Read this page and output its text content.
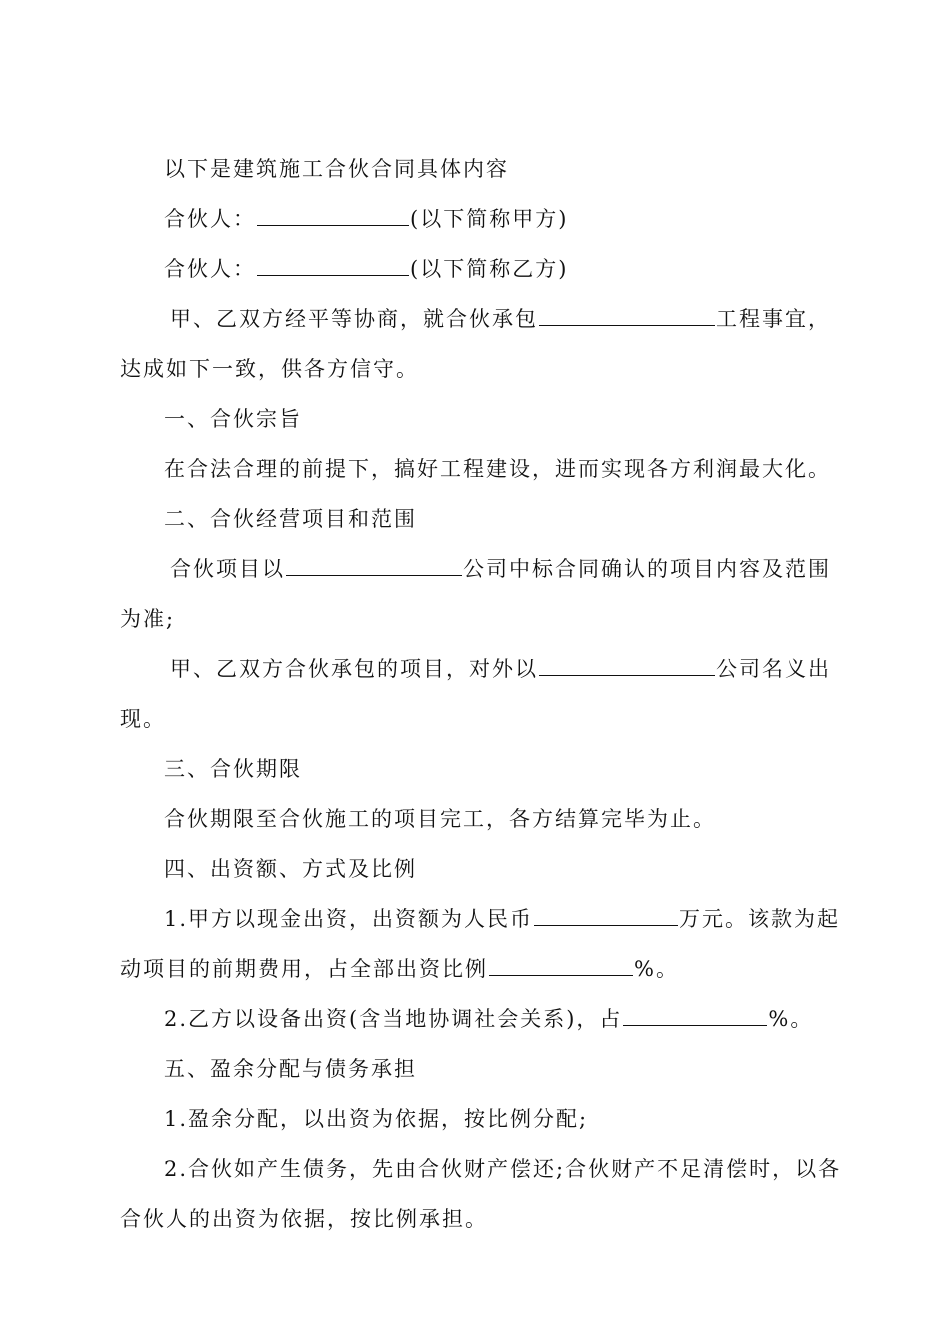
以下是建筑施工合伙合同具体内容
合伙人：	(以下简称甲方)
合伙人：	(以下简称乙方)
甲、乙双方经平等协商，就合伙承包	工程事宜，
达成如下一致，供各方信守。
一、合伙宗旨
在合法合理的前提下，搞好工程建设，进而实现各方利润最大化。
二、合伙经营项目和范围
合伙项目以	公司中标合同确认的项目内容及范围
为准;
甲、乙双方合伙承包的项目，对外以	公司名义出
现。
三、合伙期限
合伙期限至合伙施工的项目完工，各方结算完毕为止。
四、出资额、方式及比例
1.甲方以现金出资，出资额为人民币	万元。该款为起
动项目的前期费用，占全部出资比例	%。
2.乙方以设备出资(含当地协调社会关系)，占	%。
五、盈余分配与债务承担
1.盈余分配，以出资为依据，按比例分配;
2.合伙如产生债务，先由合伙财产偿还;合伙财产不足清偿时，以各
合伙人的出资为依据，按比例承担。
